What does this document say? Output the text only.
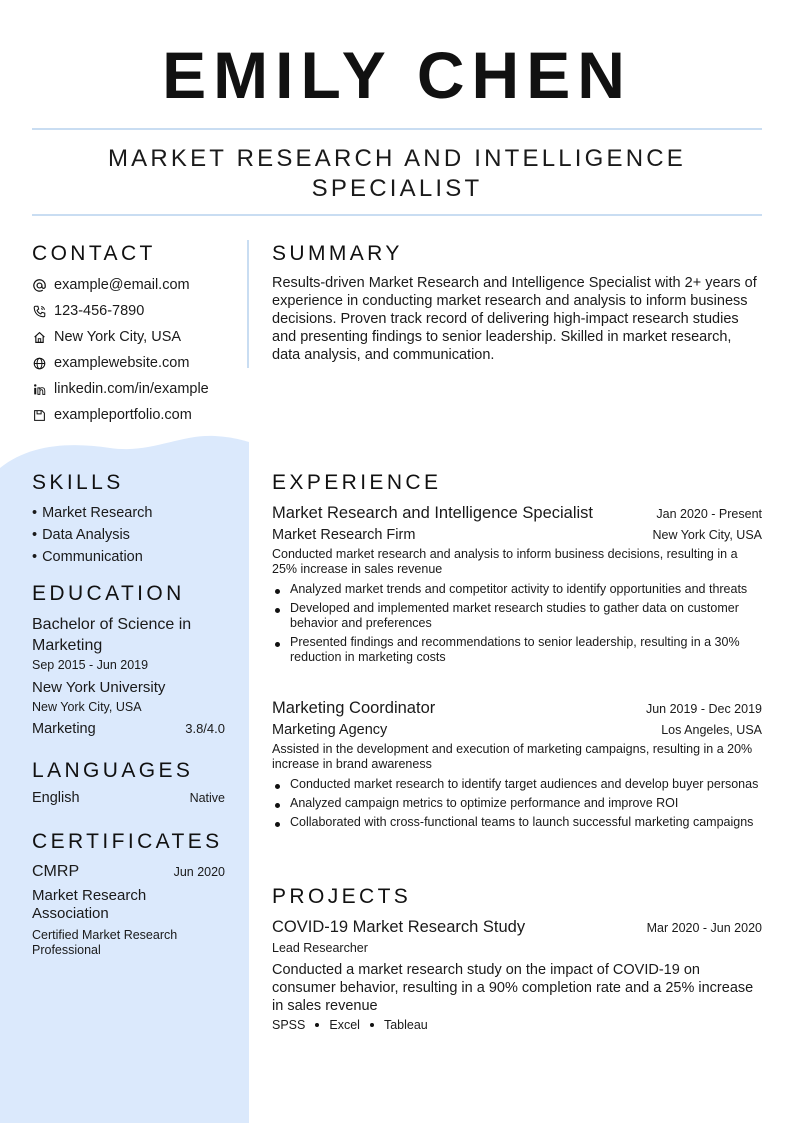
EMILY CHEN
MARKET RESEARCH AND INTELLIGENCE SPECIALIST
CONTACT
example@email.com
123-456-7890
New York City, USA
examplewebsite.com
linkedin.com/in/example
exampleportfolio.com
SUMMARY
Results-driven Market Research and Intelligence Specialist with 2+ years of experience in conducting market research and analysis to inform business decisions. Proven track record of delivering high-impact research studies and presenting findings to senior leadership. Skilled in market research, data analysis, and communication.
SKILLS
• Market Research
• Data Analysis
• Communication
EDUCATION
Bachelor of Science in Marketing
Sep 2015 - Jun 2019
New York University
New York City, USA
Marketing	3.8/4.0
LANGUAGES
English	Native
CERTIFICATES
CMRP	Jun 2020
Market Research Association
Certified Market Research Professional
EXPERIENCE
Market Research and Intelligence Specialist	Jan 2020 - Present
Market Research Firm	New York City, USA
Conducted market research and analysis to inform business decisions, resulting in a 25% increase in sales revenue
Analyzed market trends and competitor activity to identify opportunities and threats
Developed and implemented market research studies to gather data on customer behavior and preferences
Presented findings and recommendations to senior leadership, resulting in a 30% reduction in marketing costs
Marketing Coordinator	Jun 2019 - Dec 2019
Marketing Agency	Los Angeles, USA
Assisted in the development and execution of marketing campaigns, resulting in a 20% increase in brand awareness
Conducted market research to identify target audiences and develop buyer personas
Analyzed campaign metrics to optimize performance and improve ROI
Collaborated with cross-functional teams to launch successful marketing campaigns
PROJECTS
COVID-19 Market Research Study	Mar 2020 - Jun 2020
Lead Researcher
Conducted a market research study on the impact of COVID-19 on consumer behavior, resulting in a 90% completion rate and a 25% increase in sales revenue
SPSS Excel Tableau
